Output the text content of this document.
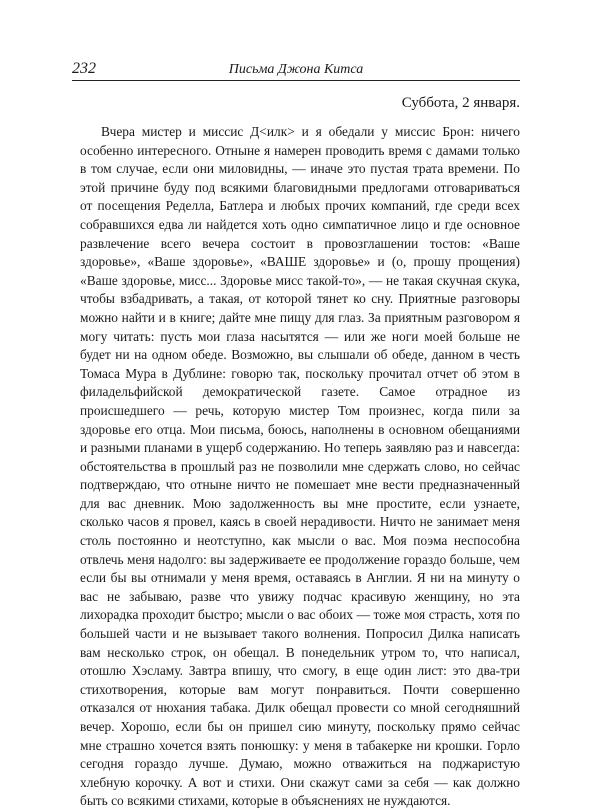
232	Письма Джона Китса
Суббота, 2 января.

Вчера мистер и миссис Д<илк> и я обедали у миссис Брон: ничего особенно интересного. Отныне я намерен проводить время с дамами только в том случае, если они миловидны, — иначе это пустая трата времени. По этой причине буду под всякими благовидными предлогами отговариваться от посещения Ределла, Батлера и любых прочих компаний, где среди всех собравшихся едва ли найдется хоть одно симпатичное лицо и где основное развлечение всего вечера состоит в провозглашении тостов: «Ваше здоровье», «Ваше здоровье», «ВАШЕ здоровье» и (о, прошу прощения) «Ваше здоровье, мисс... Здоровье мисс такой-то», — не такая скучная скука, чтобы взбадривать, а такая, от которой тянет ко сну. Приятные разговоры можно найти и в книге; дайте мне пищу для глаз. За приятным разговором я могу читать: пусть мои глаза насытятся — или же ноги моей больше не будет ни на одном обеде. Возможно, вы слышали об обеде, данном в честь Томаса Мура в Дублине: говорю так, поскольку прочитал отчет об этом в филадельфийской демократической газете. Самое отрадное из происшедшего — речь, которую мистер Том произнес, когда пили за здоровье его отца. Мои письма, боюсь, наполнены в основном обещаниями и разными планами в ущерб содержанию. Но теперь заявляю раз и навсегда: обстоятельства в прошлый раз не позволили мне сдержать слово, но сейчас подтверждаю, что отныне ничто не помешает мне вести предназначенный для вас дневник. Мою задолженность вы мне простите, если узнаете, сколько часов я провел, каясь в своей нерадивости. Ничто не занимает меня столь постоянно и неотступно, как мысли о вас. Моя поэма неспособна отвлечь меня надолго: вы задерживаете ее продолжение гораздо больше, чем если бы вы отнимали у меня время, оставаясь в Англии. Я ни на минуту о вас не забываю, разве что увижу подчас красивую женщину, но эта лихорадка проходит быстро; мысли о вас обоих — тоже моя страсть, хотя по большей части и не вызывает такого волнения. Попросил Дилка написать вам несколько строк, он обещал. В понедельник утром то, что написал, отошлю Хэсламу. Завтра впишу, что смогу, в еще один лист: это два-три стихотворения, которые вам могут понравиться. Почти совершенно отказался от нюхания табака. Дилк обещал провести со мной сегодняшний вечер. Хорошо, если бы он пришел сию минуту, поскольку прямо сейчас мне страшно хочется взять понюшку: у меня в табакерке ни крошки. Горло сегодня гораздо лучше. Думаю, можно отважиться на поджаристую хлебную корочку. А вот и стихи. Они скажут сами за себя — как должно быть со всякими стихами, которые в объяснениях не нуждаются.
